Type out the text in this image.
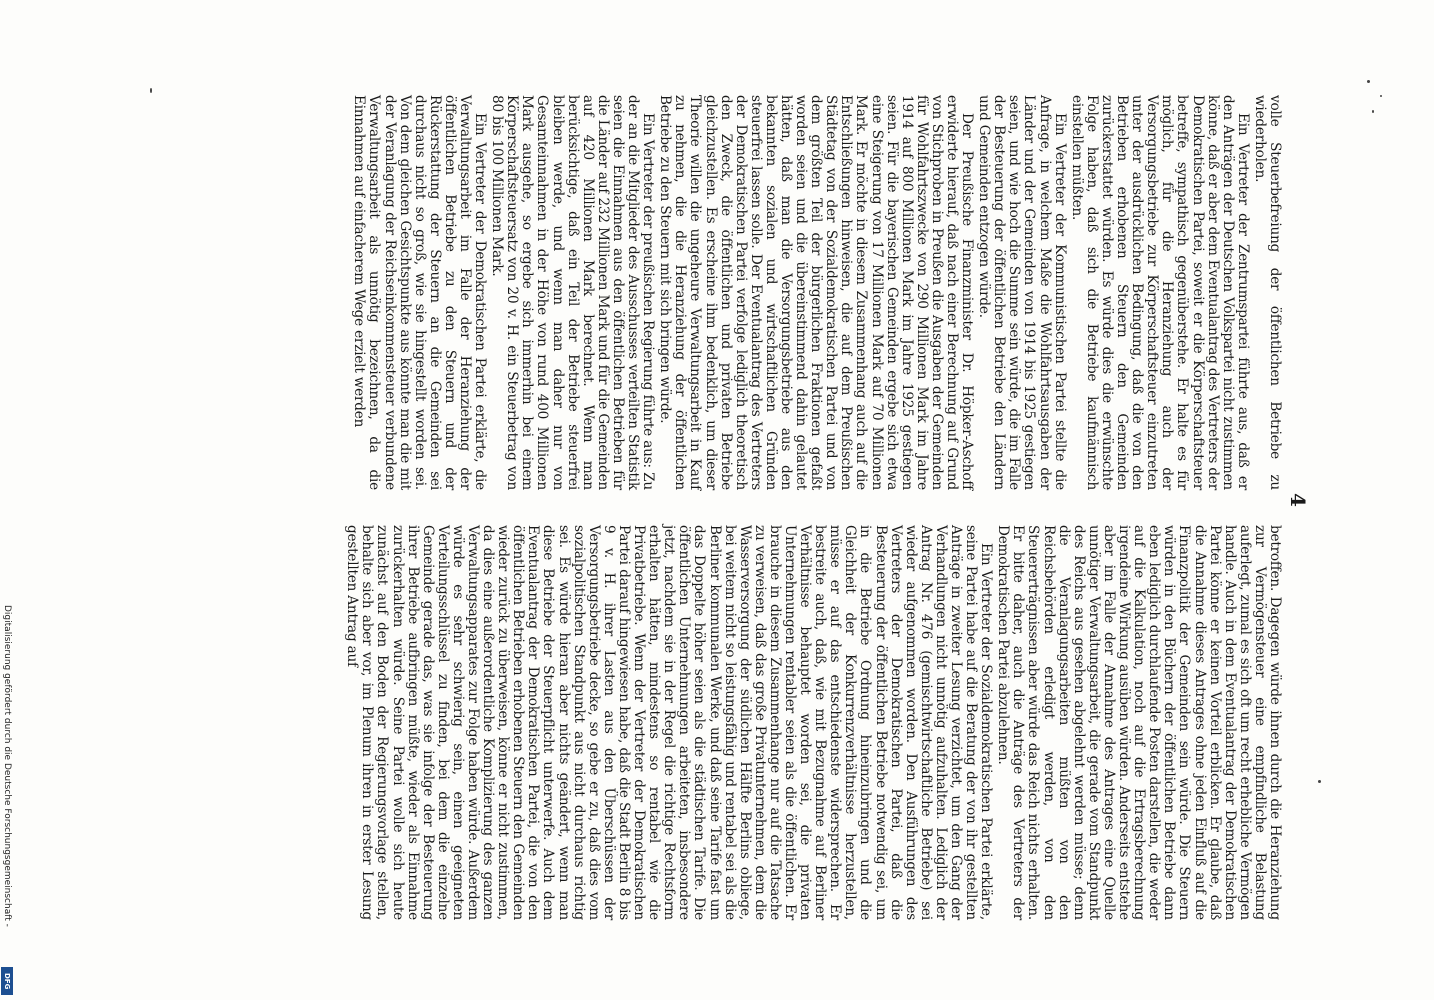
4

volle Steuerbefreiung der öffentlichen Betriebe zu wiederholen.

Ein Vertreter der Zentrumspartei führte aus, daß er den Anträgen der Deutschen Volkspartei nicht zustimmen könne, daß er aber dem Eventualantrag des Vertreters der Demokratischen Partei, soweit er die Körperschaftsteuer betreffe, sympathisch gegenüberstehe. Er halte es für möglich, für die Heranziehung auch der Versorgungsbetriebe zur Körperschaftsteuer einzutreten unter der ausdrücklichen Bedingung, daß die von den Betrieben erhobenen Steuern den Gemeinden zurückerstattet würden. Es würde dies die erwünschte Folge haben, daß sich die Betriebe kaufmännisch einstellen müßten.

Ein Vertreter der Kommunistischen Partei stellte die Anfrage, in welchem Maße die Wohlfahrtsausgaben der Länder und der Gemeinden von 1914 bis 1925 gestiegen seien, und wie hoch die Summe sein würde, die im Falle der Besteuerung der öffentlichen Betriebe den Ländern und Gemeinden entzogen würde.

Der Preußische Finanzminister Dr. Höpker-Aschoff erwiderte hierauf, daß nach einer Berechnung auf Grund von Stichproben in Preußen die Ausgaben der Gemeinden für Wohlfahrtszwecke von 290 Millionen Mark im Jahre 1914 auf 800 Millionen Mark im Jahre 1925 gestiegen seien. Für die bayerischen Gemeinden ergebe sich etwa eine Steigerung von 17 Millionen Mark auf 70 Millionen Mark. Er möchte in diesem Zusammenhang auch auf die Entschließungen hinweisen, die auf dem Preußischen Städtetag von der Sozialdemokratischen Partei und von dem größten Teil der bürgerlichen Fraktionen gefaßt worden seien und die übereinstimmend dahin gelautet hätten, daß man die Versorgungsbetriebe aus den bekannten sozialen und wirtschaftlichen Gründen steuerfrei lassen solle. Der Eventualantrag des Vertreters der Demokratischen Partei verfolge lediglich theoretisch den Zweck, die öffentlichen und privaten Betriebe gleichzustellen. Es erscheine ihm bedenklich, um dieser Theorie willen die ungeheure Verwaltungsarbeit in Kauf zu nehmen, die die Heranziehung der öffentlichen Betriebe zu den Steuern mit sich bringen würde.

Ein Vertreter der preußischen Regierung führte aus: Zu der an die Mitglieder des Ausschusses verteilten Statistik seien die Einnahmen aus den öffentlichen Betrieben für die Länder auf 232 Millionen Mark und für die Gemeinden auf 420 Millionen Mark berechnet. Wenn man berücksichtige, daß ein Teil der Betriebe steuerfrei bleiben werde, und wenn man daher nur von Gesamteinnahmen in der Höhe von rund 400 Millionen Mark ausgehe, so ergebe sich immerhin bei einem Körperschaftsteuersatz von 20 v. H. ein Steuerbetrag von 80 bis 100 Millionen Mark.

Ein Vertreter der Demokratischen Partei erklärte, die Verwaltungsarbeit im Falle der Heranziehung der öffentlichen Betriebe zu den Steuern und der Rückerstattung der Steuern an die Gemeinden sei durchaus nicht so groß, wie sie hingestellt worden sei. Von dem gleichen Gesichtspunkte aus könnte man die mit der Veranlagung der Reichseinkommensteuer verbundene Verwaltungsarbeit als unnötig bezeichnen, da die Einnahmen auf einfacherem Wege erzielt werden

betroffen. Dagegen würde ihnen durch die Heranziehung zur Vermögensteuer eine empfindliche Belastung auferlegt, zumal es sich oft um recht erhebliche Vermögen handle. Auch in dem Eventualantrag der Demokratischen Partei könne er keinen Vorteil erblicken. Er glaube, daß die Annahme dieses Antrages ohne jeden Einfluß auf die Finanzpolitik der Gemeinden sein würde. Die Steuern würden in den Büchern der öffentlichen Betriebe dann eben lediglich durchlaufende Posten darstellen, die weder auf die Kalkulation, noch auf die Ertragsberechnung irgendeine Wirkung ausüben würden. Anderseits entstehe aber im Falle der Annahme des Antrages eine Quelle unnötiger Verwaltungsarbeit, die gerade vom Standpunkt des Reichs aus gesehen abgelehnt werden müsse; denn die Veranlagungsarbeiten müßten von den Reichsbehörden erledigt werden, von den Steuererträgnissen aber würde das Reich nichts erhalten. Er bitte daher, auch die Anträge des Vertreters der Demokratischen Partei abzulehnen.

Ein Vertreter der Sozialdemokratischen Partei erklärte, seine Partei habe auf die Beratung der von ihr gestellten Anträge in zweiter Lesung verzichtet, um den Gang der Verhandlungen nicht unnötig aufzuhalten. Lediglich der Antrag Nr. 476 (gemischtwirtschaftliche Betriebe) sei wieder aufgenommen worden. Den Ausführungen des Vertreters der Demokratischen Partei, daß die Besteuerung der öffentlichen Betriebe notwendig sei, um in die Betriebe Ordnung hineinzubringen und die Gleichheit der Konkurrenzverhältnisse herzustellen, müsse er auf das entschiedenste widersprechen. Er bestreite auch, daß, wie mit Bezugnahme auf Berliner Verhältnisse behauptet worden sei, die privaten Unternehmungen rentabler seien als die öffentlichen. Er brauche in diesem Zusammenhange nur auf die Tatsache zu verweisen, daß das große Privatunternehmen, dem die Wasserversorgung der südlichen Hälfte Berlins obliege, bei weitem nicht so leistungsfähig und rentabel sei als die Berliner kommunalen Werke, und daß seine Tarife fast um das Doppelte höher seien als die städtischen Tarife. Die öffentlichen Unternehmungen arbeiteten, insbesondere jetzt, nachdem sie in der Regel die richtige Rechtsform erhalten hätten, mindestens so rentabel wie die Privatbetriebe. Wenn der Vertreter der Demokratischen Partei darauf hingewiesen habe, daß die Stadt Berlin 8 bis 9 v. H. ihrer Lasten aus den Überschüssen der Versorgungsbetriebe decke, so gebe er zu, daß dies vom sozialpolitischen Standpunkt aus nicht durchaus richtig sei. Es würde hieran aber nichts geändert, wenn man diese Betriebe der Steuerpflicht unterwerfe. Auch dem Eventualantrag der Demokratischen Partei, die von den öffentlichen Betrieben erhobenen Steuern den Gemeinden wieder zurück zu überweisen, könne er nicht zustimmen, da dies eine außerordentliche Komplizierung des ganzen Verwaltungsapparates zur Folge haben würde. Außerdem würde es sehr schwierig sein, einen geeigneten Verteilungsschlüssel zu finden, bei dem die einzelne Gemeinde gerade das, was sie infolge der Besteuerung ihrer Betriebe aufbringen müßte, wieder als Einnahme zurückerhalten würde. Seine Partei wolle sich heute zunächst auf den Boden der Regierungsvorlage stellen, behalte sich aber vor, im Plenum ihren in erster Lesung gestellten Antrag auf

Digitalisierung gefördert durch die Deutsche Forschungsgemeinschaft -
DFG
